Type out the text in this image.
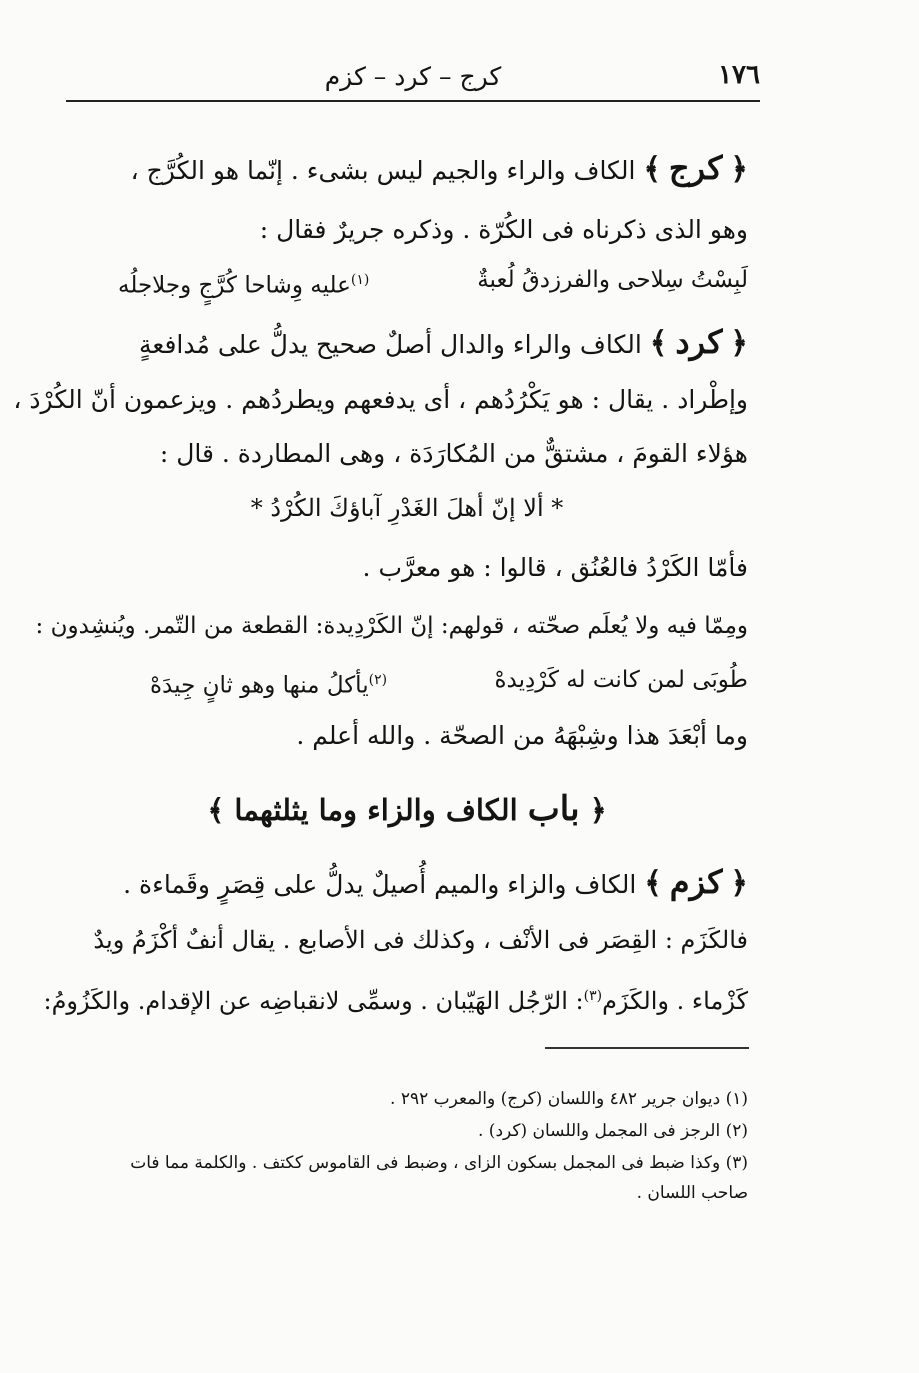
١٧٦
كرج – كرد – كزم
﴿ كرج ﴾ الكاف والراء والجيم ليس بشىء . إنّما هو الكُرَّج ،
وهو الذى ذكرناه فى الكُرّة . وذكره جريرٌ فقال :
لَبِسْتُ سِلاحى والفرزدقُ لُعبةٌ
$^{(١)}$عليه وِشاحا كُرَّجٍ وجلاجلُه
﴿ كرد ﴾ الكاف والراء والدال أصلٌ صحيح يدلُّ على مُدافعةٍ
وإطْراد . يقال : هو يَكْرُدُهم ، أى يدفعهم ويطردُهم . ويزعمون أنّ الكُرْدَ ،
هؤلاء القومَ ، مشتقٌّ من المُكارَدَة ، وهى المطاردة . قال :
* ألا إنّ أهلَ الغَدْرِ آباؤكَ الكُرْدُ *
فأمّا الكَرْدُ فالعُنُق ، قالوا : هو معرَّب .
ومِمّا فيه ولا يُعلَم صحّته ، قولهم: إنّ الكَرْدِيدة: القطعة من التّمر. ويُنشِدون :
طُوبَى لمن كانت له كَرْدِيدهْ
$^{(٢)}$يأكلُ منها وهو ثانٍ جِيدَهْ
وما أبْعَدَ هذا وشِبْهَهُ من الصحّة . والله أعلم .
﴿ باب الكاف والزاء وما يثلثهما ﴾
﴿ كزم ﴾ الكاف والزاء والميم أُصيلٌ يدلُّ على قِصَرٍ وقَماءة .
فالكَزَم : القِصَر فى الأنْف ، وكذلك فى الأصابع . يقال أنفٌ أكْزَمُ ويدٌ
كَزْماء . والكَزَم$^{(٣)}$: الرّجُل الهَيّبان . وسمِّى لانقباضِه عن الإقدام. والكَزُومُ:
(١) ديوان جرير ٤٨٢ واللسان (كرج) والمعرب ٢٩٢ .
(٢) الرجز فى المجمل واللسان (كرد) .
(٣) وكذا ضبط فى المجمل بسكون الزاى ، وضبط فى القاموس ككتف . والكلمة مما فات
صاحب اللسان .
